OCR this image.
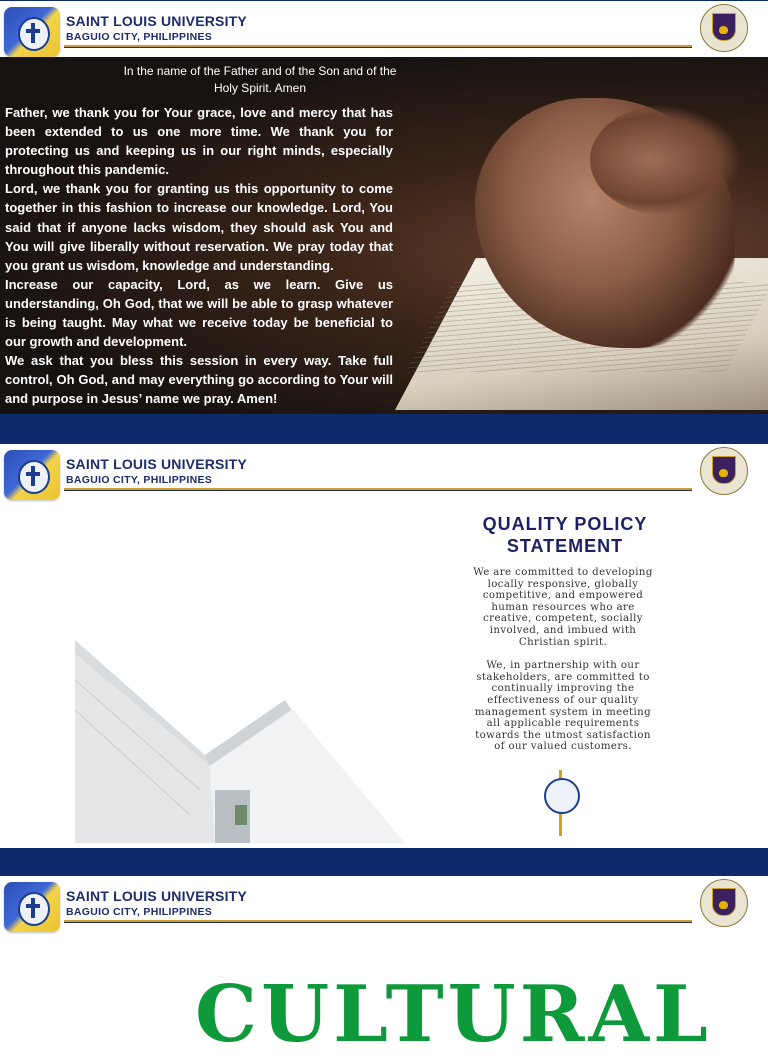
SAINT LOUIS UNIVERSITY
BAGUIO CITY, PHILIPPINES
In the name of the Father and of the Son and of the Holy Spirit. Amen

Father, we thank you for Your grace, love and mercy that has been extended to us one more time. We thank you for protecting us and keeping us in our right minds, especially throughout this pandemic.

Lord, we thank you for granting us this opportunity to come together in this fashion to increase our knowledge. Lord, You said that if anyone lacks wisdom, they should ask You and You will give liberally without reservation. We pray today that you grant us wisdom, knowledge and understanding.

Increase our capacity, Lord, as we learn. Give us understanding, Oh God, that we will be able to grasp whatever is being taught. May what we receive today be beneficial to our growth and development.

We ask that you bless this session in every way. Take full control, Oh God, and may everything go according to Your will and purpose in Jesus’ name we pray. Amen!

SAINT LOUIS UNIVERSITY
BAGUIO CITY, PHILIPPINES
QUALITY POLICY STATEMENT

We are committed to developing locally responsive, globally competitive, and empowered human resources who are creative, competent, socially involved, and imbued with Christian spirit.

We, in partnership with our stakeholders, are committed to continually improving the effectiveness of our quality management system in meeting all applicable requirements towards the utmost satisfaction of our valued customers.

SAINT LOUIS UNIVERSITY
BAGUIO CITY, PHILIPPINES
CULTURAL
